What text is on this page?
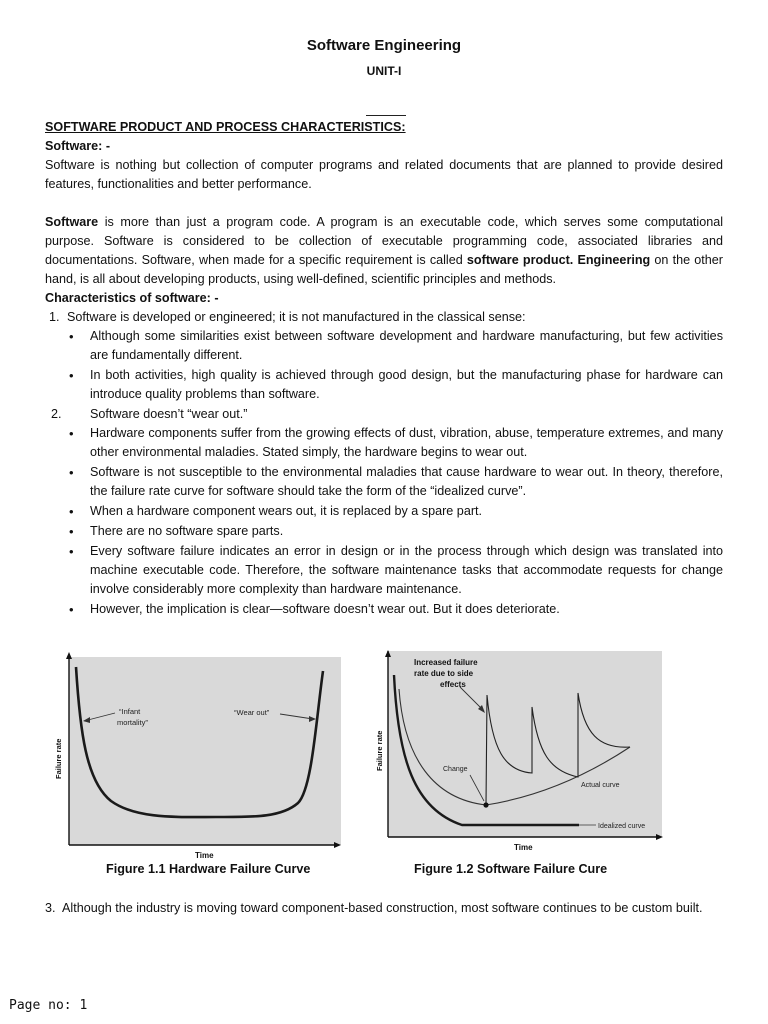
Software Engineering
UNIT-I

SOFTWARE PRODUCT AND PROCESS CHARACTERISTICS:

Software: -

Software is nothing but collection of computer programs and related documents that are planned to provide desired features, functionalities and better performance.

Software is more than just a program code. A program is an executable code, which serves some computational purpose. Software is considered to be collection of executable programming code, associated libraries and documentations. Software, when made for a specific requirement is called software product. Engineering on the other hand, is all about developing products, using well-defined, scientific principles and methods.

Characteristics of software: -

1. Software is developed or engineered; it is not manufactured in the classical sense:
• Although some similarities exist between software development and hardware manufacturing, but few activities are fundamentally different.
• In both activities, high quality is achieved through good design, but the manufacturing phase for hardware can introduce quality problems than software.
2. Software doesn’t “wear out.”
• Hardware components suffer from the growing effects of dust, vibration, abuse, temperature extremes, and many other environmental maladies. Stated simply, the hardware begins to wear out.
• Software is not susceptible to the environmental maladies that cause hardware to wear out. In theory, therefore, the failure rate curve for software should take the form of the “idealized curve”.
• When a hardware component wears out, it is replaced by a spare part.
• There are no software spare parts.
• Every software failure indicates an error in design or in the process through which design was translated into machine executable code. Therefore, the software maintenance tasks that accommodate requests for change involve considerably more complexity than hardware maintenance.
• However, the implication is clear—software doesn’t wear out. But it does deteriorate.
“Infant
mortality”
“Wear out”
Failure rate
Time
Increased failure
rate due to side
effects
Change
Actual curve
Idealized curve
Failure rate
Time
Figure 1.1 Hardware Failure Curve	Figure 1.2 Software Failure Cure
3. Although the industry is moving toward component-based construction, most software continues to be custom built.
Page no: 1
